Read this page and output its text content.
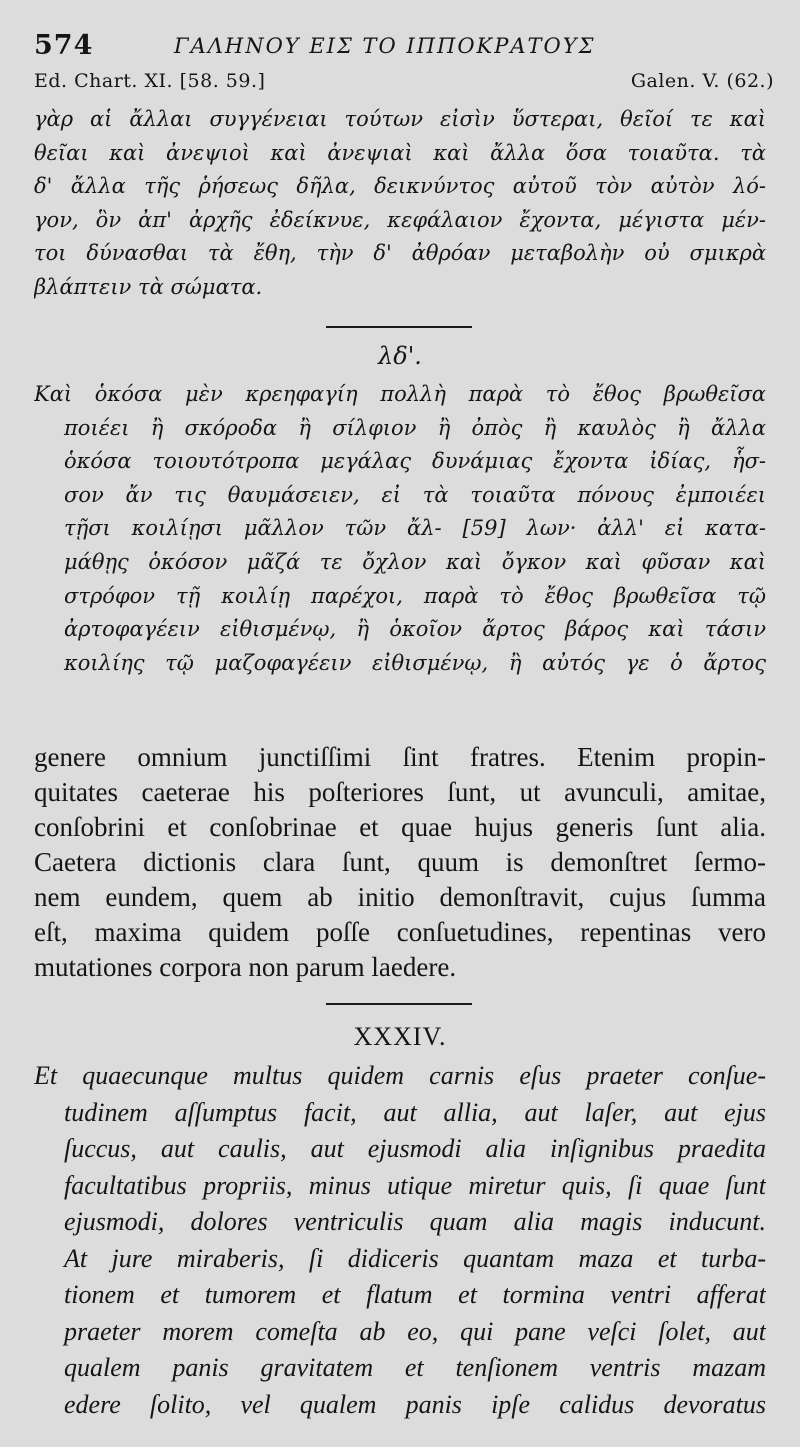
574	ΓΑΛΗΝΟΥ ΕΙΣ ΤΟ ΙΠΠΟΚΡΑΤΟΥΣ
Ed. Chart. XI. [58. 59.]	Galen. V. (62.)
γὰρ αἱ ἄλλαι συγγένειαι τούτων εἰσὶν ὕστεραι, θεῖοί τε καὶ
θεῖαι καὶ ἀνεψιοὶ καὶ ἀνεψιαὶ καὶ ἄλλα ὅσα τοιαῦτα. τὰ
δ' ἄλλα τῆς ῥήσεως δῆλα, δεικνύντος αὐτοῦ τὸν αὐτὸν λό-
γον, ὃν ἀπ' ἀρχῆς ἐδείκνυε, κεφάλαιον ἔχοντα, μέγιστα μέν-
τοι δύνασθαι τὰ ἔθη, τὴν δ' ἀθρόαν μεταβολὴν οὐ σμικρὰ
βλάπτειν τὰ σώματα.
λδ'.
Καὶ ὁκόσα μὲν κρεηφαγίη πολλὴ παρὰ τὸ ἔθος βρωθεῖσα
ποιέει ἢ σκόροδα ἢ σίλφιον ἢ ὀπὸς ἢ καυλὸς ἢ ἄλλα
ὁκόσα τοιουτότροπα μεγάλας δυνάμιας ἔχοντα ἰδίας, ἧσ-
σον ἄν τις θαυμάσειεν, εἰ τὰ τοιαῦτα πόνους ἐμποιέει
τῇσι κοιλίῃσι μᾶλλον τῶν ἄλ- [59] λων· ἀλλ' εἰ κατα-
μάθῃς ὁκόσον μᾶζά τε ὄχλον καὶ ὄγκον καὶ φῦσαν καὶ
στρόφον τῇ κοιλίῃ παρέχοι, παρὰ τὸ ἔθος βρωθεῖσα τῷ
ἀρτοφαγέειν εἰθισμένῳ, ἢ ὁκοῖον ἄρτος βάρος καὶ τάσιν
κοιλίης τῷ μαζοφαγέειν εἰθισμένῳ, ἢ αὐτός γε ὁ ἄρτος
genere omnium junctiſſimi ſint fratres. Etenim propin-
quitates caeterae his poſteriores ſunt, ut avunculi, amitae,
conſobrini et conſobrinae et quae hujus generis ſunt alia.
Caetera dictionis clara ſunt, quum is demonſtret ſermo-
nem eundem, quem ab initio demonſtravit, cujus ſumma
eſt, maxima quidem poſſe conſuetudines, repentinas vero
mutationes corpora non parum laedere.
XXXIV.
Et quaecunque multus quidem carnis eſus praeter conſue-
tudinem aſſumptus facit, aut allia, aut laſer, aut ejus
ſuccus, aut caulis, aut ejusmodi alia inſignibus praedita
facultatibus propriis, minus utique miretur quis, ſi quae ſunt
ejusmodi, dolores ventriculis quam alia magis inducunt.
At jure miraberis, ſi didiceris quantam maza et turba-
tionem et tumorem et flatum et tormina ventri afferat
praeter morem comeſta ab eo, qui pane veſci ſolet, aut
qualem panis gravitatem et tenſionem ventris mazam
edere ſolito, vel qualem panis ipſe calidus devoratus
